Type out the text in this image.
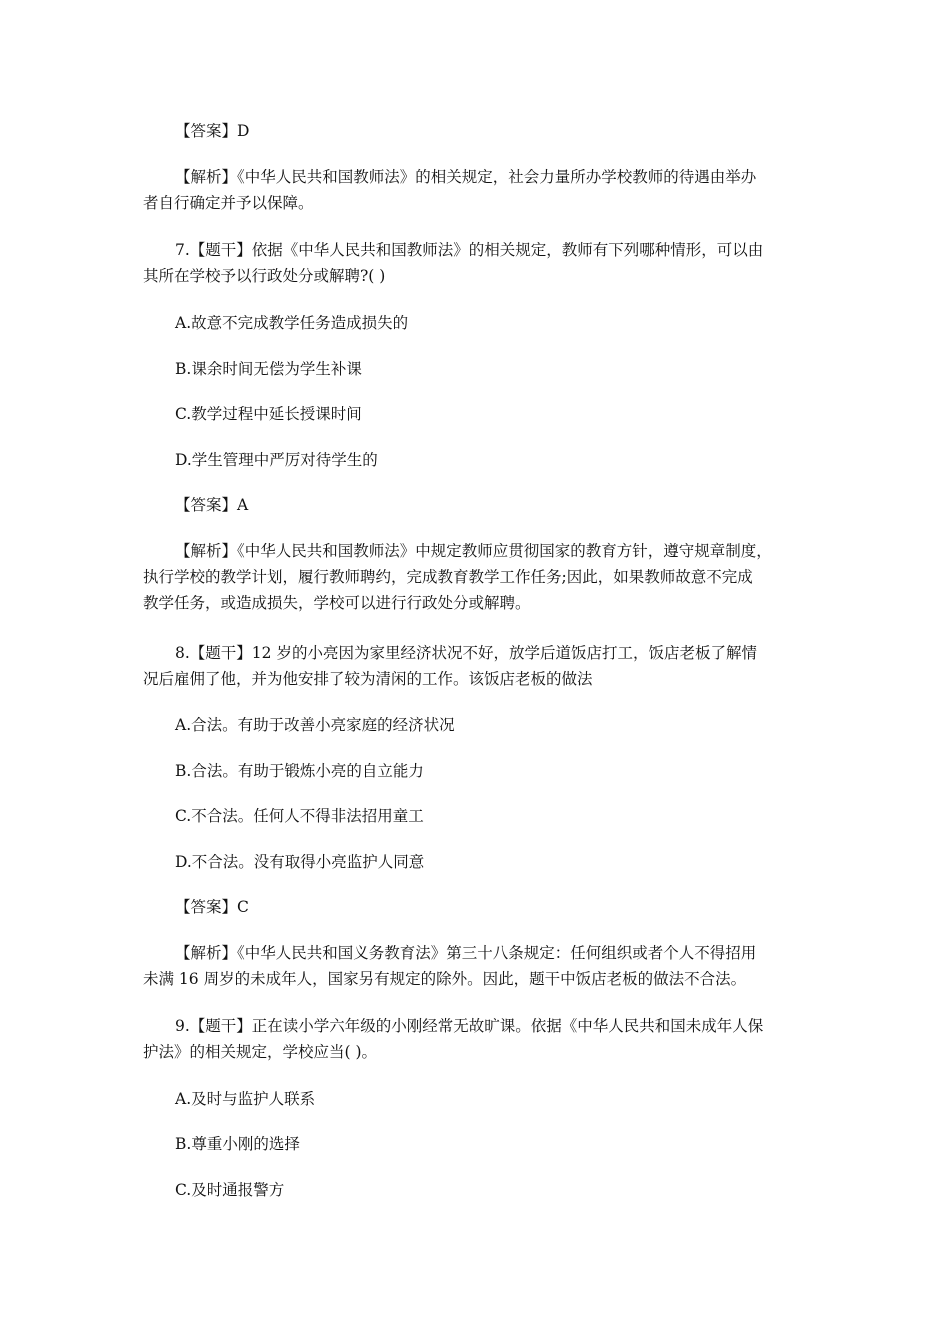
【答案】D

【解析】《中华人民共和国教师法》的相关规定，社会力量所办学校教师的待遇由举办
者自行确定并予以保障。

7.【题干】依据《中华人民共和国教师法》的相关规定，教师有下列哪种情形，可以由
其所在学校予以行政处分或解聘?( )

A.故意不完成教学任务造成损失的

B.课余时间无偿为学生补课

C.教学过程中延长授课时间

D.学生管理中严厉对待学生的

【答案】A

【解析】《中华人民共和国教师法》中规定教师应贯彻国家的教育方针，遵守规章制度，
执行学校的教学计划，履行教师聘约，完成教育教学工作任务;因此，如果教师故意不完成
教学任务，或造成损失，学校可以进行行政处分或解聘。

8.【题干】12 岁的小亮因为家里经济状况不好，放学后道饭店打工，饭店老板了解情
况后雇佣了他，并为他安排了较为清闲的工作。该饭店老板的做法

A.合法。有助于改善小亮家庭的经济状况

B.合法。有助于锻炼小亮的自立能力

C.不合法。任何人不得非法招用童工

D.不合法。没有取得小亮监护人同意

【答案】C

【解析】《中华人民共和国义务教育法》第三十八条规定：任何组织或者个人不得招用
未满 16 周岁的未成年人，国家另有规定的除外。因此，题干中饭店老板的做法不合法。

9.【题干】正在读小学六年级的小刚经常无故旷课。依据《中华人民共和国未成年人保
护法》的相关规定，学校应当( )。

A.及时与监护人联系

B.尊重小刚的选择

C.及时通报警方
